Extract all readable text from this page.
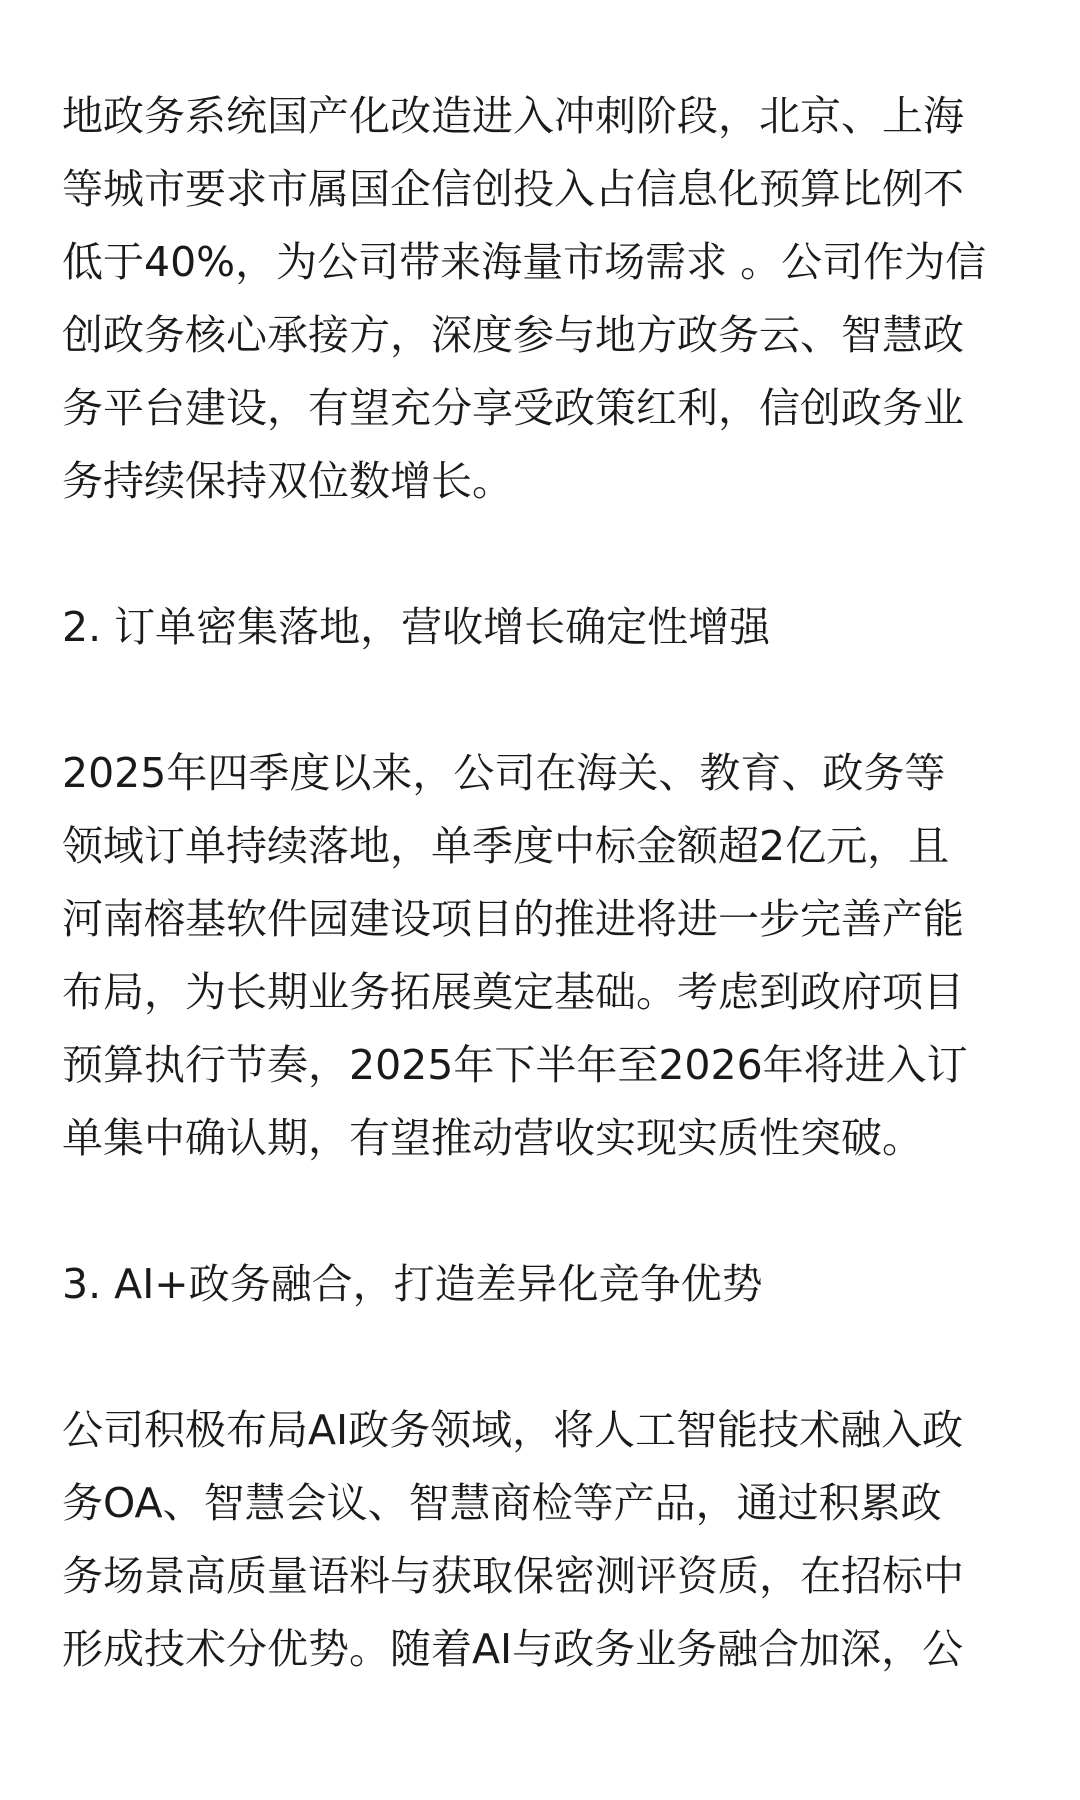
地政务系统国产化改造进入冲刺阶段，北京、上海
等城市要求市属国企信创投入占信息化预算比例不
低于40%，为公司带来海量市场需求 。公司作为信
创政务核心承接方，深度参与地方政务云、智慧政
务平台建设，有望充分享受政策红利，信创政务业
务持续保持双位数增长。

2. 订单密集落地，营收增长确定性增强

2025年四季度以来，公司在海关、教育、政务等
领域订单持续落地，单季度中标金额超2亿元，且
河南榕基软件园建设项目的推进将进一步完善产能
布局，为长期业务拓展奠定基础。考虑到政府项目
预算执行节奏，2025年下半年至2026年将进入订
单集中确认期，有望推动营收实现实质性突破。

3. AI+政务融合，打造差异化竞争优势

公司积极布局AI政务领域，将人工智能技术融入政
务OA、智慧会议、智慧商检等产品，通过积累政
务场景高质量语料与获取保密测评资质，在招标中
形成技术分优势。随着AI与政务业务融合加深，公
